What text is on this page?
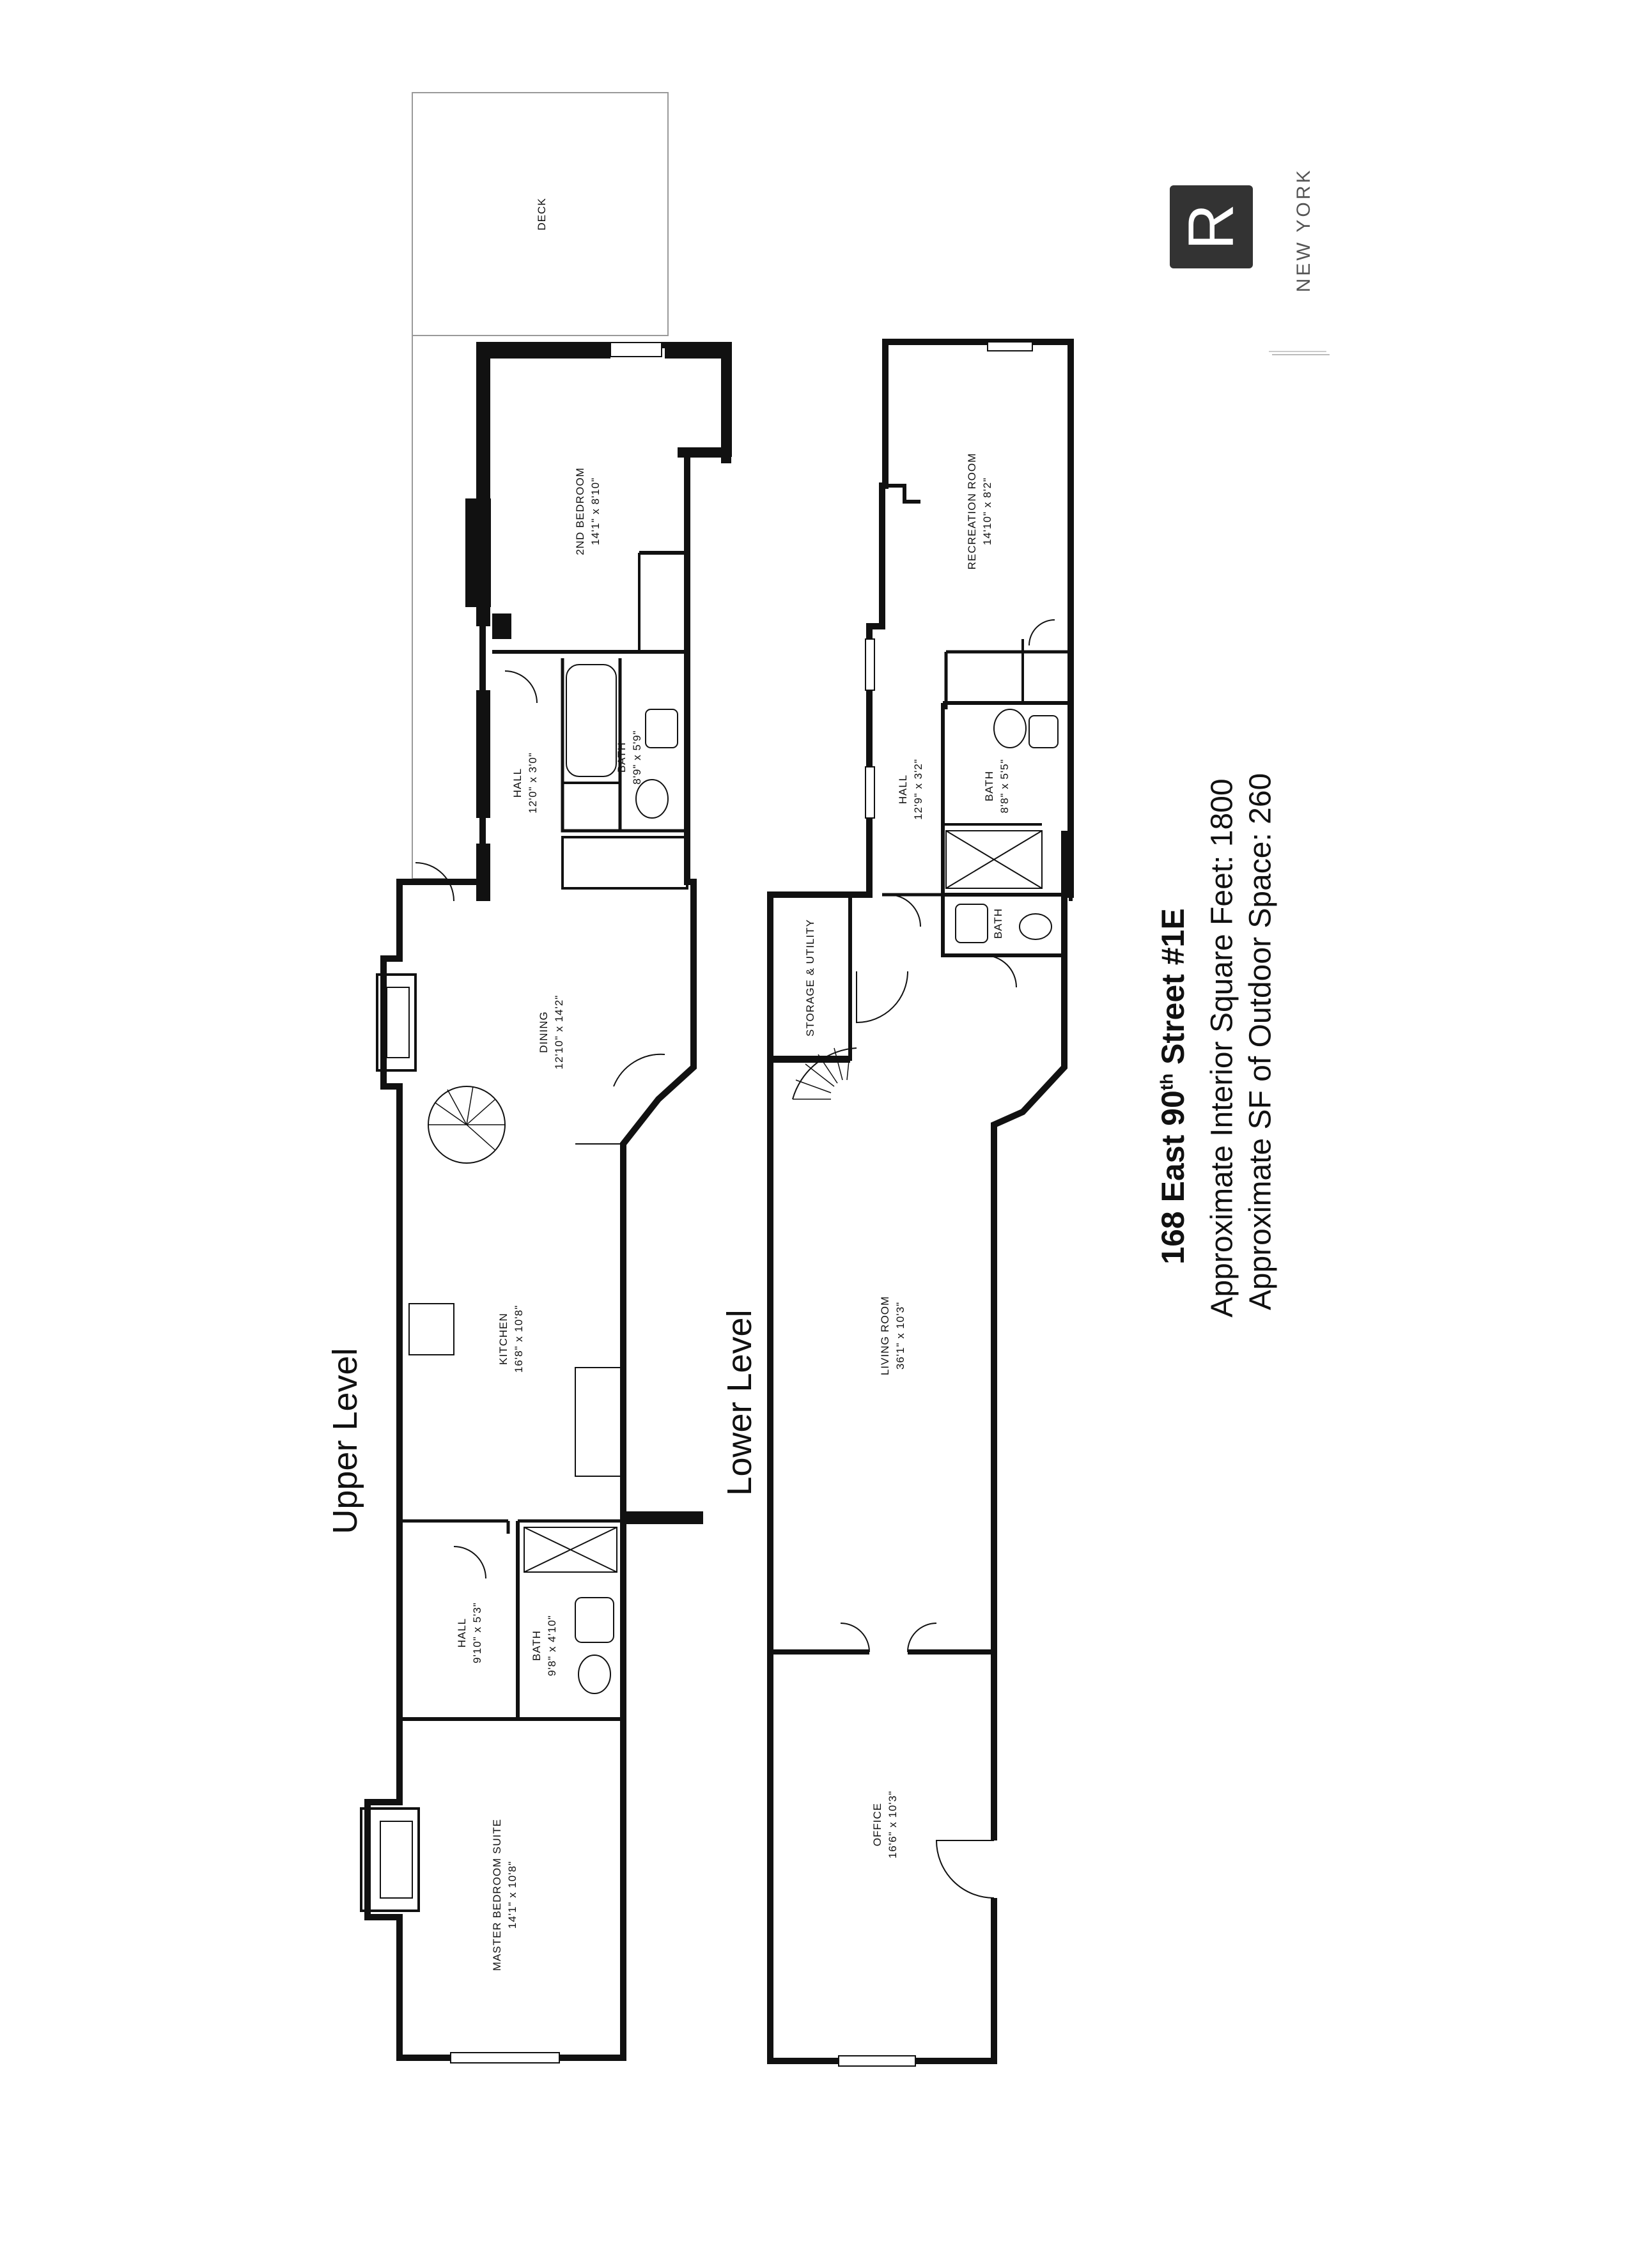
R NEW YORK
168 East 90th Street #1E Approximate Interior Square Feet: 1800 Approximate SF of Outdoor Space: 260
Upper Level	Lower Level
DECK
2ND BEDROOM 14'1" x 8'10"
HALL 12'0" x 3'0"	BATH 8'9" x 5'9"
DINING 12'10" x 14'2"
KITCHEN 16'8" x 10'8"
HALL 9'10" x 5'3"	BATH 9'8" x 4'10"
MASTER BEDROOM SUITE 14'1" x 10'8"
RECREATION ROOM 14'10" x 8'2"
HALL 12'9" x 3'2"	BATH 8'8" x 5'5"
BATH
STORAGE & UTILITY
LIVING ROOM 36'1" x 10'3"
OFFICE 16'6" x 10'3"
